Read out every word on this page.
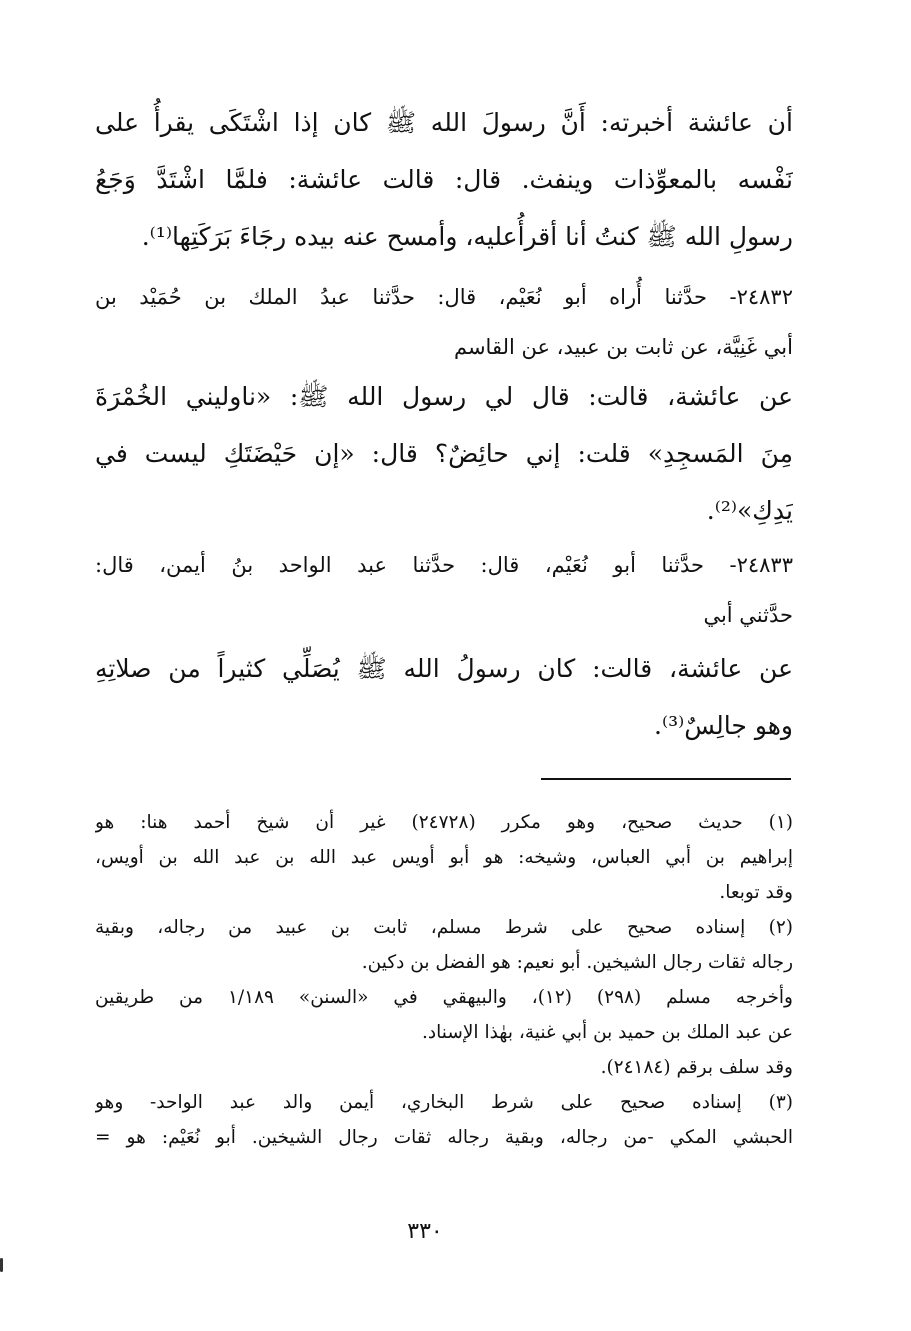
أن عائشة أخبرته: أَنَّ رسولَ الله ﷺ كان إذا اشْتَكَى يقرأُ على
نَفْسه بالمعوِّذات وينفث. قال: قالت عائشة: فلمَّا اشْتَدَّ وَجَعُ
رسولِ الله ﷺ كنتُ أنا أقرأُعليه، وأمسح عنه بيده رجَاءَ بَرَكَتِها⁽¹⁾.
٢٤٨٣٢- حدَّثنا أُراه أبو نُعَيْم، قال: حدَّثنا عبدُ الملك بن حُمَيْد بن
أبي غَنِيَّة، عن ثابت بن عبيد، عن القاسم
عن عائشة، قالت: قال لي رسول الله ﷺ: «ناوليني الخُمْرَةَ
مِنَ المَسجِدِ» قلت: إني حائِضٌ؟ قال: «إن حَيْضَتَكِ ليست في
يَدِكِ»⁽²⁾.
٢٤٨٣٣- حدَّثنا أبو نُعَيْم، قال: حدَّثنا عبد الواحد بنُ أيمن، قال:
حدَّثني أبي
عن عائشة، قالت: كان رسولُ الله ﷺ يُصَلِّي كثيراً من صلاتِهِ
وهو جالِسٌ⁽³⁾.
(١) حديث صحيح، وهو مكرر (٢٤٧٢٨) غير أن شيخ أحمد هنا: هو
إبراهيم بن أبي العباس، وشيخه: هو أبو أويس عبد الله بن عبد الله بن أويس،
وقد توبعا.
(٢) إسناده صحيح على شرط مسلم، ثابت بن عبيد من رجاله، وبقية
رجاله ثقات رجال الشيخين. أبو نعيم: هو الفضل بن دكين.
وأخرجه مسلم (٢٩٨) (١٢)، والبيهقي في «السنن» ١/١٨٩ من طريقين
عن عبد الملك بن حميد بن أبي غنية، بهٰذا الإسناد.
وقد سلف برقم (٢٤١٨٤).
(٣) إسناده صحيح على شرط البخاري، أيمن والد عبد الواحد- وهو
الحبشي المكي -من رجاله، وبقية رجاله ثقات رجال الشيخين. أبو نُعَيْم: هو =
٣٣٠
